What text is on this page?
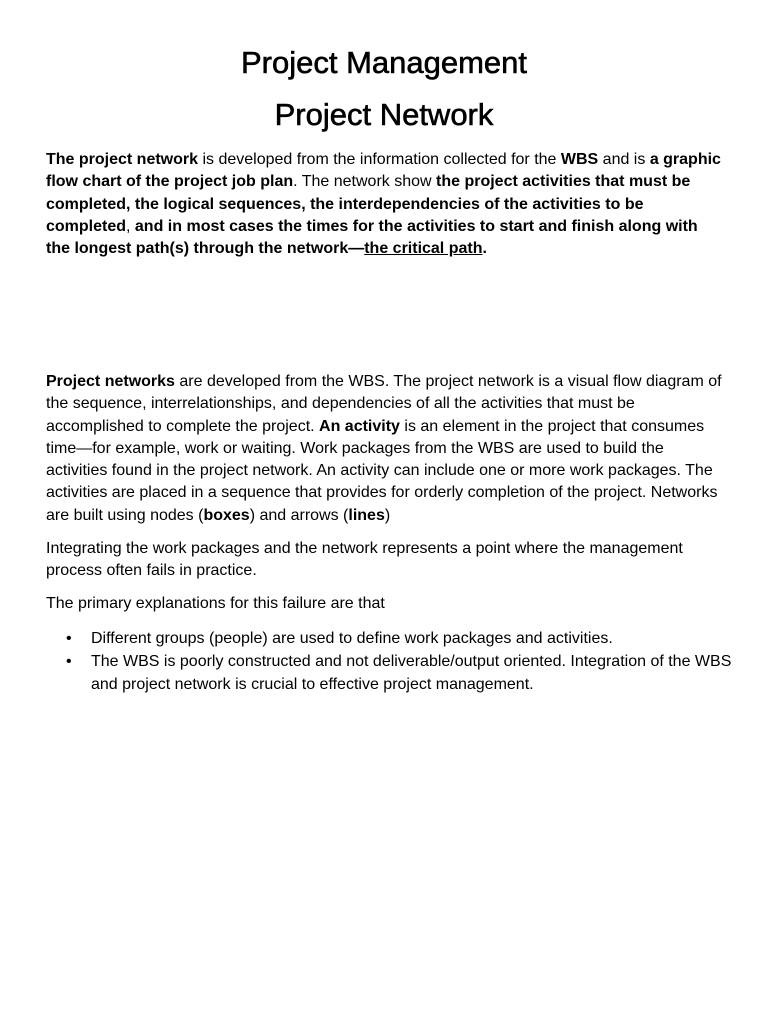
Project Management
Project Network

The project network is developed from the information collected for the WBS and is a graphic flow chart of the project job plan. The network show the project activities that must be completed, the logical sequences, the interdependencies of the activities to be completed, and in most cases the times for the activities to start and finish along with the longest path(s) through the network—the critical path.

Project networks are developed from the WBS. The project network is a visual flow diagram of the sequence, interrelationships, and dependencies of all the activities that must be accomplished to complete the project. An activity is an element in the project that consumes time—for example, work or waiting. Work packages from the WBS are used to build the activities found in the project network. An activity can include one or more work packages. The activities are placed in a sequence that provides for orderly completion of the project. Networks are built using nodes (boxes) and arrows (lines)

Integrating the work packages and the network represents a point where the management process often fails in practice.

The primary explanations for this failure are that

• Different groups (people) are used to define work packages and activities.
• The WBS is poorly constructed and not deliverable/output oriented. Integration of the WBS and project network is crucial to effective project management.
